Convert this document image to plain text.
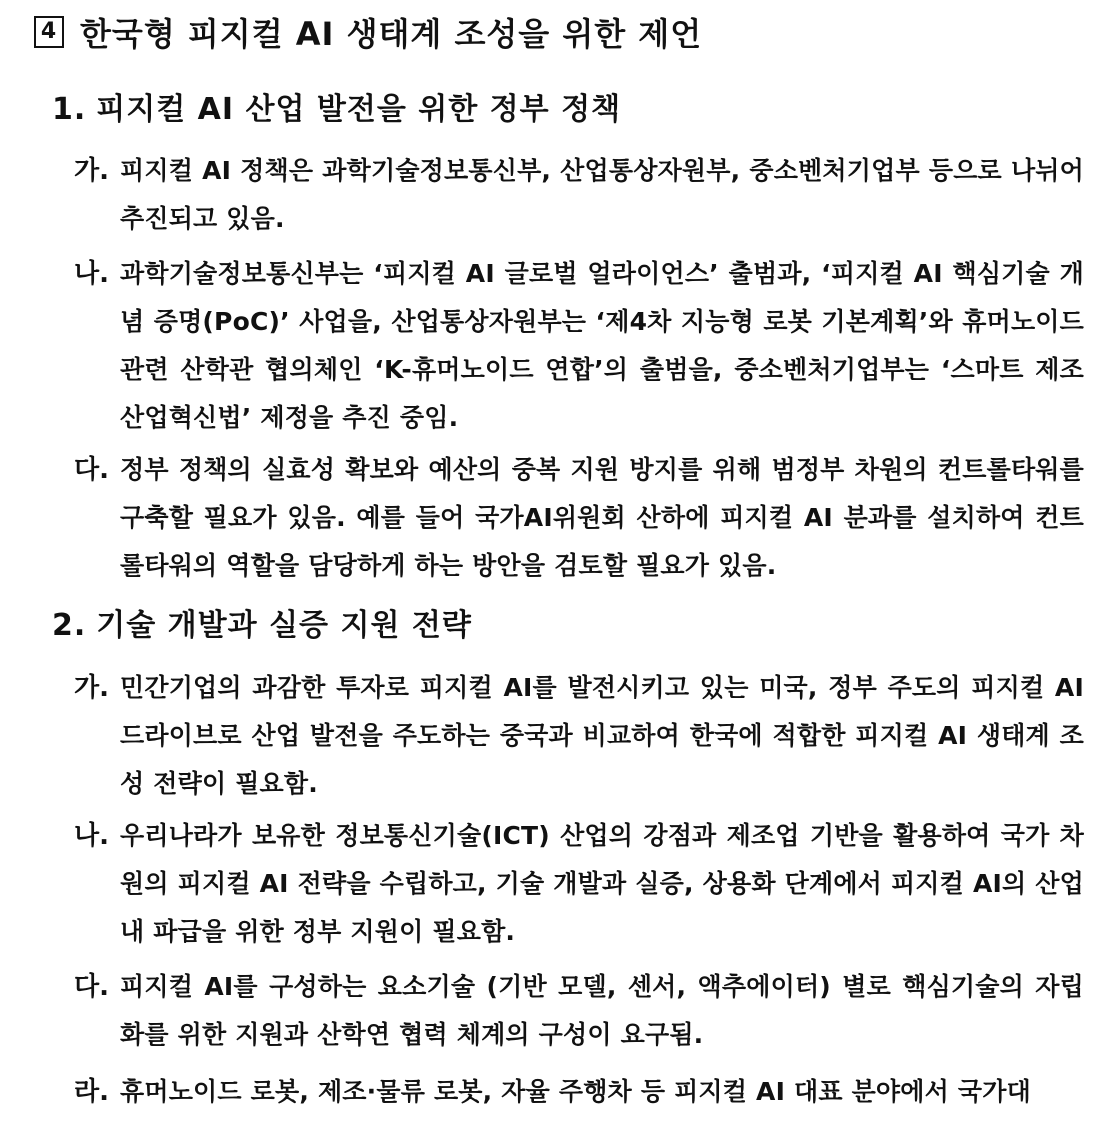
4 한국형 피지컬 AI 생태계 조성을 위한 제언
1. 피지컬 AI 산업 발전을 위한 정부 정책
가. 피지컬 AI 정책은 과학기술정보통신부, 산업통상자원부, 중소벤처기업부 등으로 나뉘어 추진되고 있음.
나. 과학기술정보통신부는 ‘피지컬 AI 글로벌 얼라이언스’ 출범과, ‘피지컬 AI 핵심기술 개념 증명(PoC)’ 사업을, 산업통상자원부는 ‘제4차 지능형 로봇 기본계획’와 휴머노이드 관련 산학관 협의체인 ‘K-휴머노이드 연합’의 출범을, 중소벤처기업부는 ‘스마트 제조 산업혁신법’ 제정을 추진 중임.
다. 정부 정책의 실효성 확보와 예산의 중복 지원 방지를 위해 범정부 차원의 컨트롤타워를 구축할 필요가 있음. 예를 들어 국가AI위원회 산하에 피지컬 AI 분과를 설치하여 컨트롤타워의 역할을 담당하게 하는 방안을 검토할 필요가 있음.
2. 기술 개발과 실증 지원 전략
가. 민간기업의 과감한 투자로 피지컬 AI를 발전시키고 있는 미국, 정부 주도의 피지컬 AI 드라이브로 산업 발전을 주도하는 중국과 비교하여 한국에 적합한 피지컬 AI 생태계 조성 전략이 필요함.
나. 우리나라가 보유한 정보통신기술(ICT) 산업의 강점과 제조업 기반을 활용하여 국가 차원의 피지컬 AI 전략을 수립하고, 기술 개발과 실증, 상용화 단계에서 피지컬 AI의 산업 내 파급을 위한 정부 지원이 필요함.
다. 피지컬 AI를 구성하는 요소기술 (기반 모델, 센서, 액추에이터) 별로 핵심기술의 자립화를 위한 지원과 산학연 협력 체계의 구성이 요구됨.
라. 휴머노이드 로봇, 제조·물류 로봇, 자율 주행차 등 피지컬 AI 대표 분야에서 국가대
